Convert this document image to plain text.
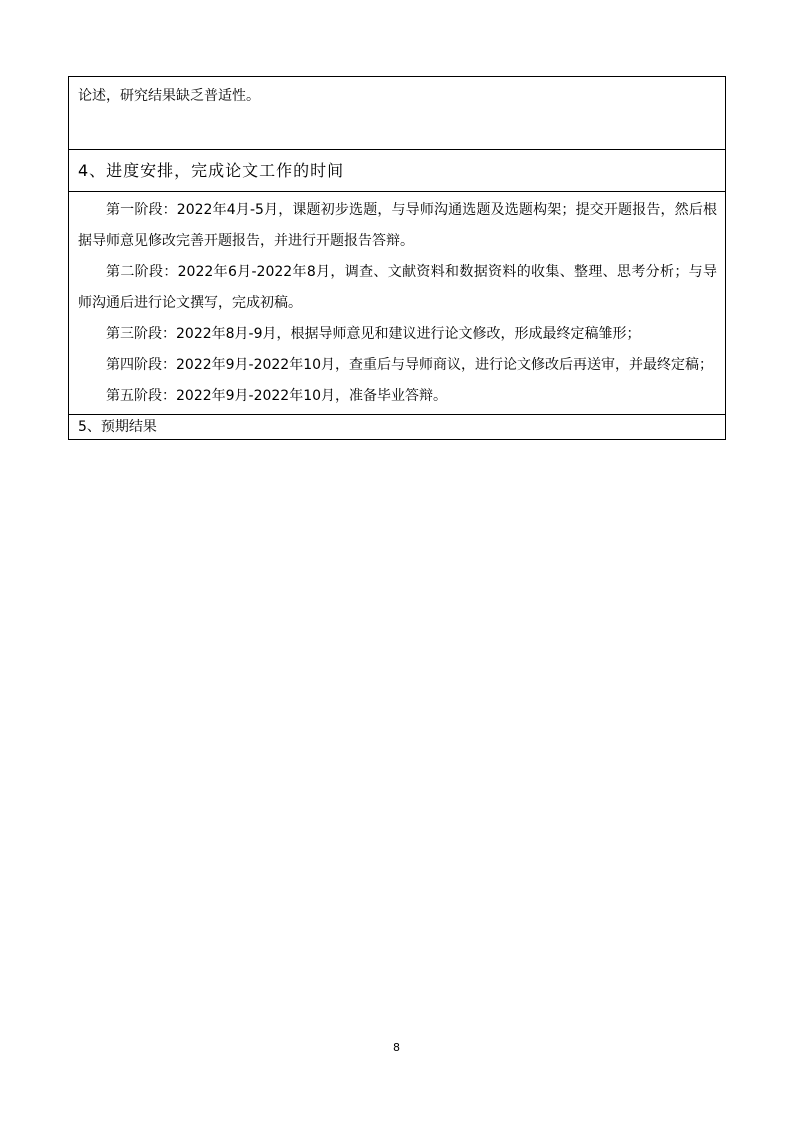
论述，研究结果缺乏普适性。
4、进度安排，完成论文工作的时间

第一阶段：2022年4月-5月，课题初步选题，与导师沟通选题及选题构架；提交开题报告，然后根据导师意见修改完善开题报告，并进行开题报告答辩。

第二阶段：2022年6月-2022年8月，调查、文献资料和数据资料的收集、整理、思考分析；与导师沟通后进行论文撰写，完成初稿。

第三阶段：2022年8月-9月，根据导师意见和建议进行论文修改，形成最终定稿雏形；

第四阶段：2022年9月-2022年10月，查重后与导师商议，进行论文修改后再送审，并最终定稿；

第五阶段：2022年9月-2022年10月，准备毕业答辩。

5、预期结果
8
